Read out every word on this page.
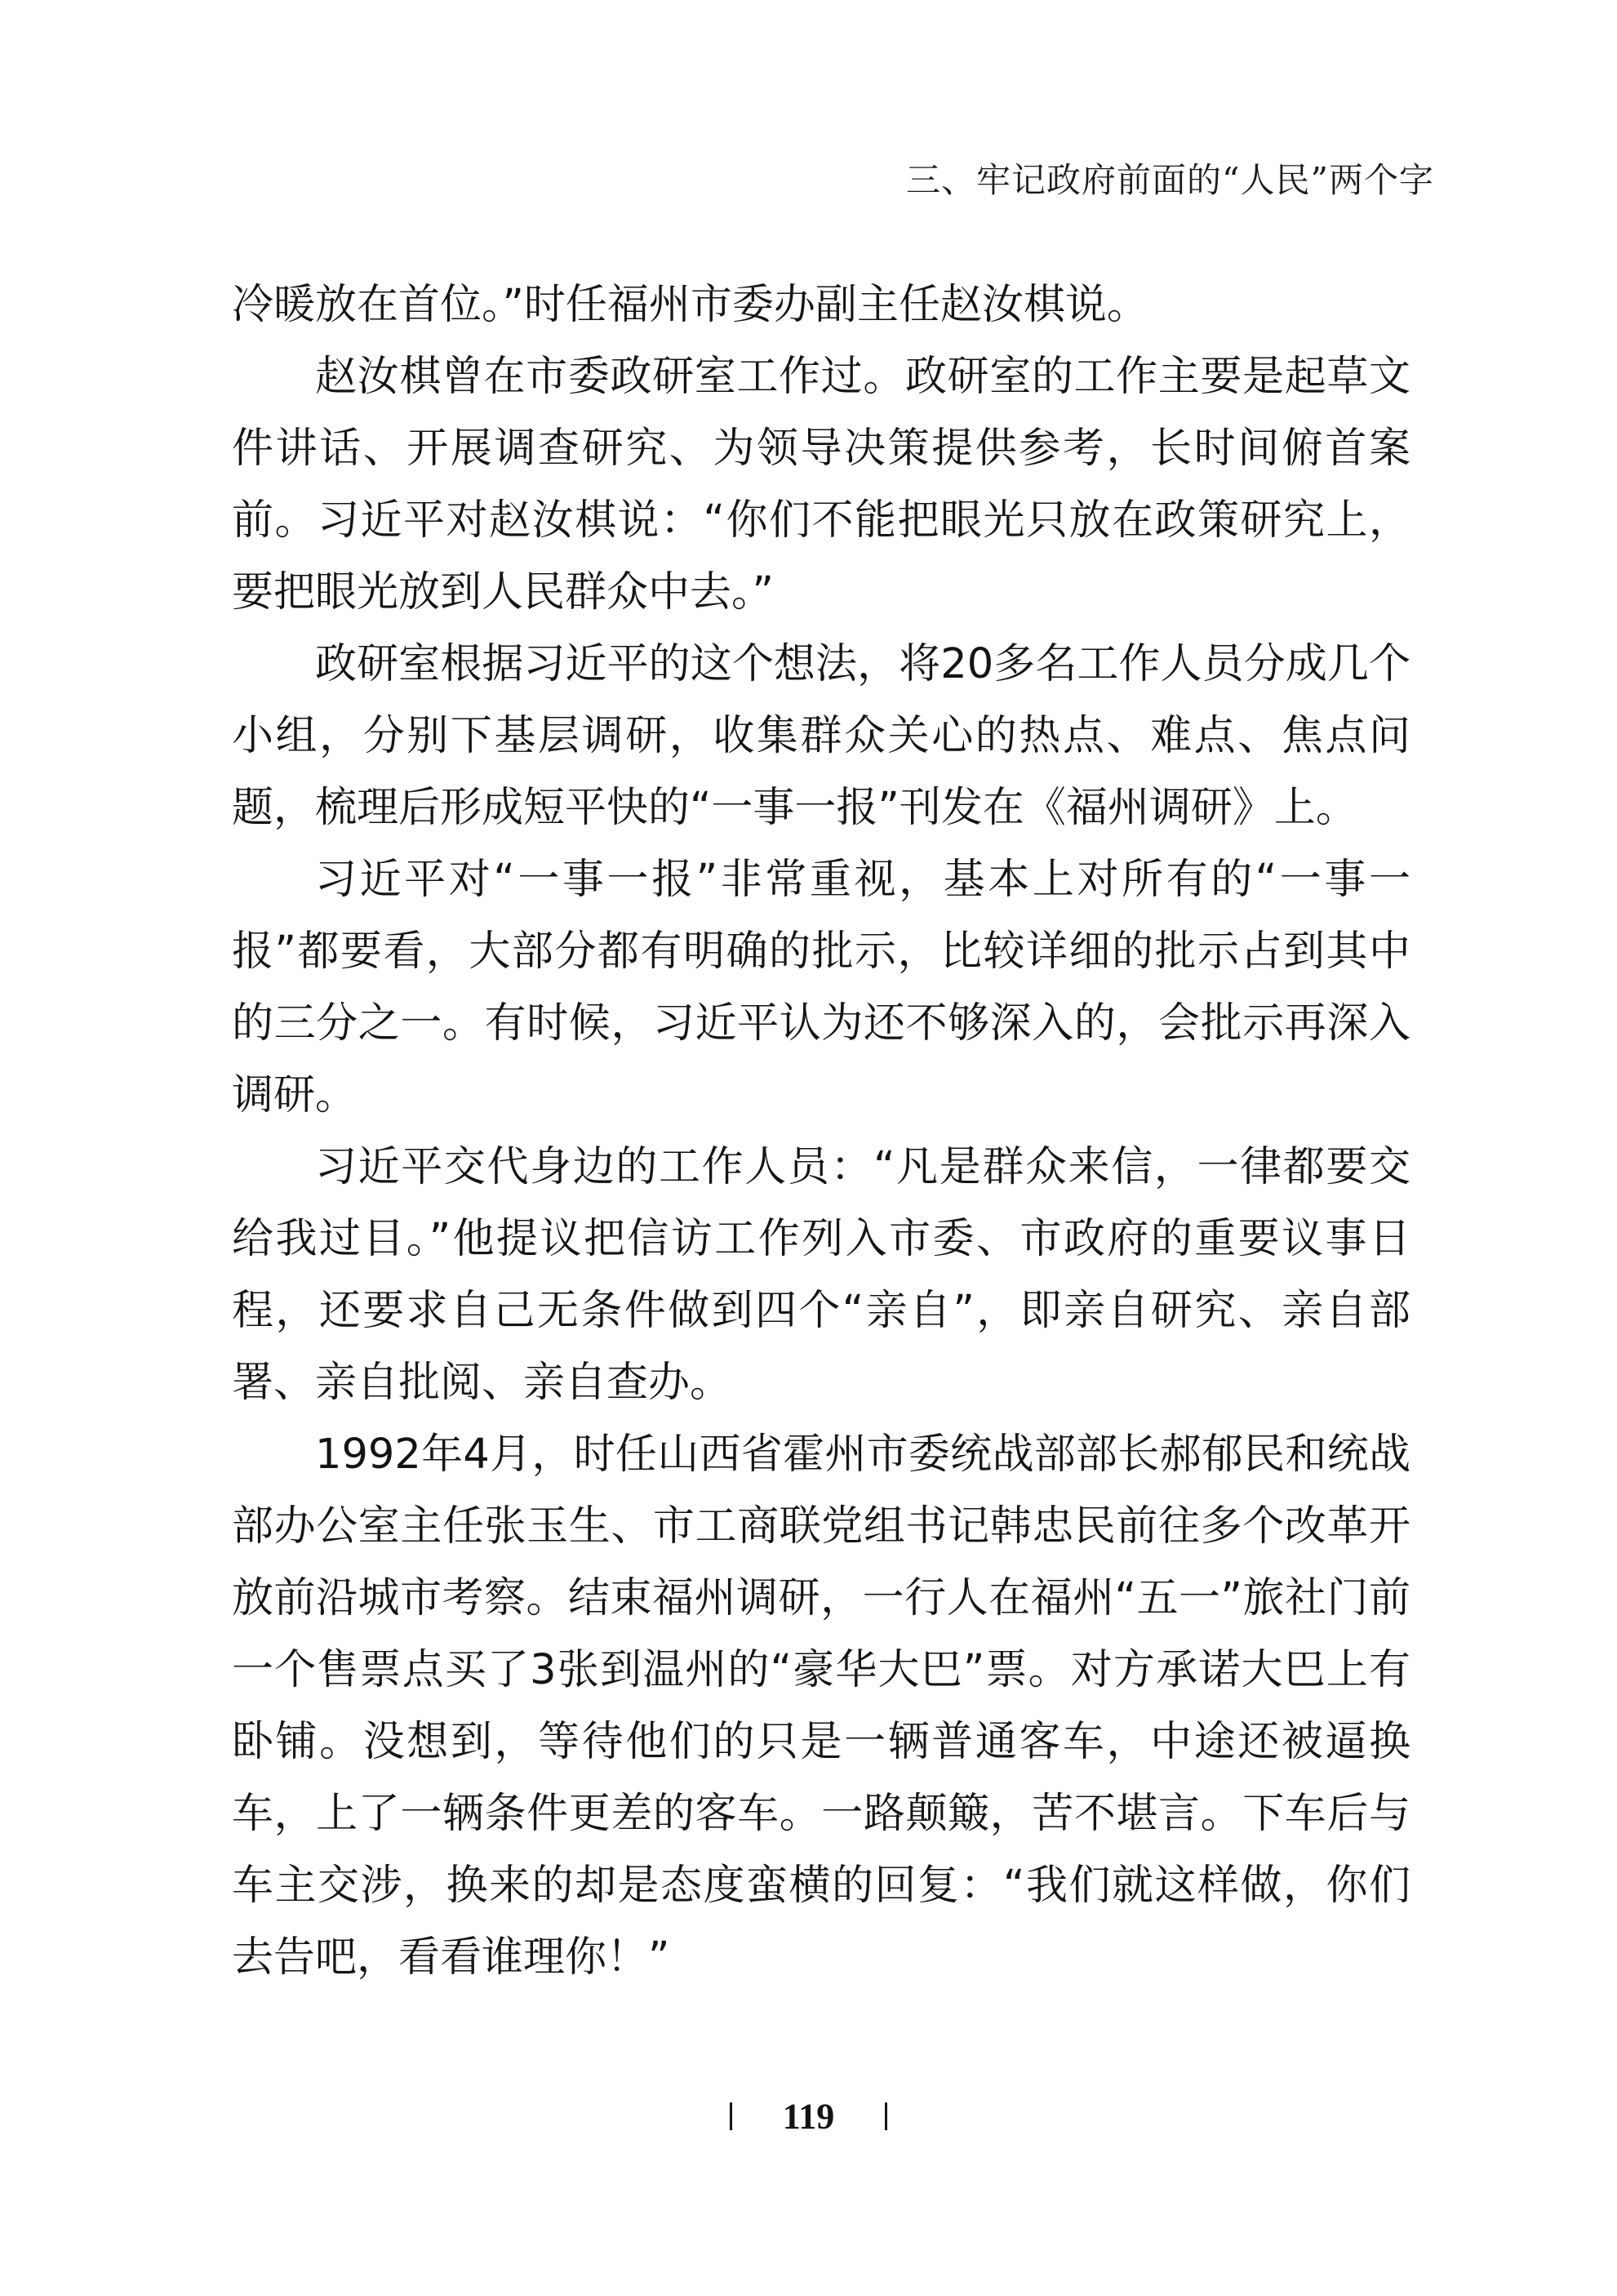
三、牢记政府前面的“人民”两个字

冷暖放在首位。”时任福州市委办副主任赵汝棋说。

赵汝棋曾在市委政研室工作过。政研室的工作主要是起草文件讲话、开展调查研究、为领导决策提供参考，长时间俯首案前。习近平对赵汝棋说：“你们不能把眼光只放在政策研究上，要把眼光放到人民群众中去。”

政研室根据习近平的这个想法，将20多名工作人员分成几个小组，分别下基层调研，收集群众关心的热点、难点、焦点问题，梳理后形成短平快的“一事一报”刊发在《福州调研》上。

习近平对“一事一报”非常重视，基本上对所有的“一事一报”都要看，大部分都有明确的批示，比较详细的批示占到其中的三分之一。有时候，习近平认为还不够深入的，会批示再深入调研。

习近平交代身边的工作人员：“凡是群众来信，一律都要交给我过目。”他提议把信访工作列入市委、市政府的重要议事日程，还要求自己无条件做到四个“亲自”，即亲自研究、亲自部署、亲自批阅、亲自查办。

1992年4月，时任山西省霍州市委统战部部长郝郁民和统战部办公室主任张玉生、市工商联党组书记韩忠民前往多个改革开放前沿城市考察。结束福州调研，一行人在福州“五一”旅社门前一个售票点买了3张到温州的“豪华大巴”票。对方承诺大巴上有卧铺。没想到，等待他们的只是一辆普通客车，中途还被逼换车，上了一辆条件更差的客车。一路颠簸，苦不堪言。下车后与车主交涉，换来的却是态度蛮横的回复：“我们就这样做，你们去告吧，看看谁理你！”

119
